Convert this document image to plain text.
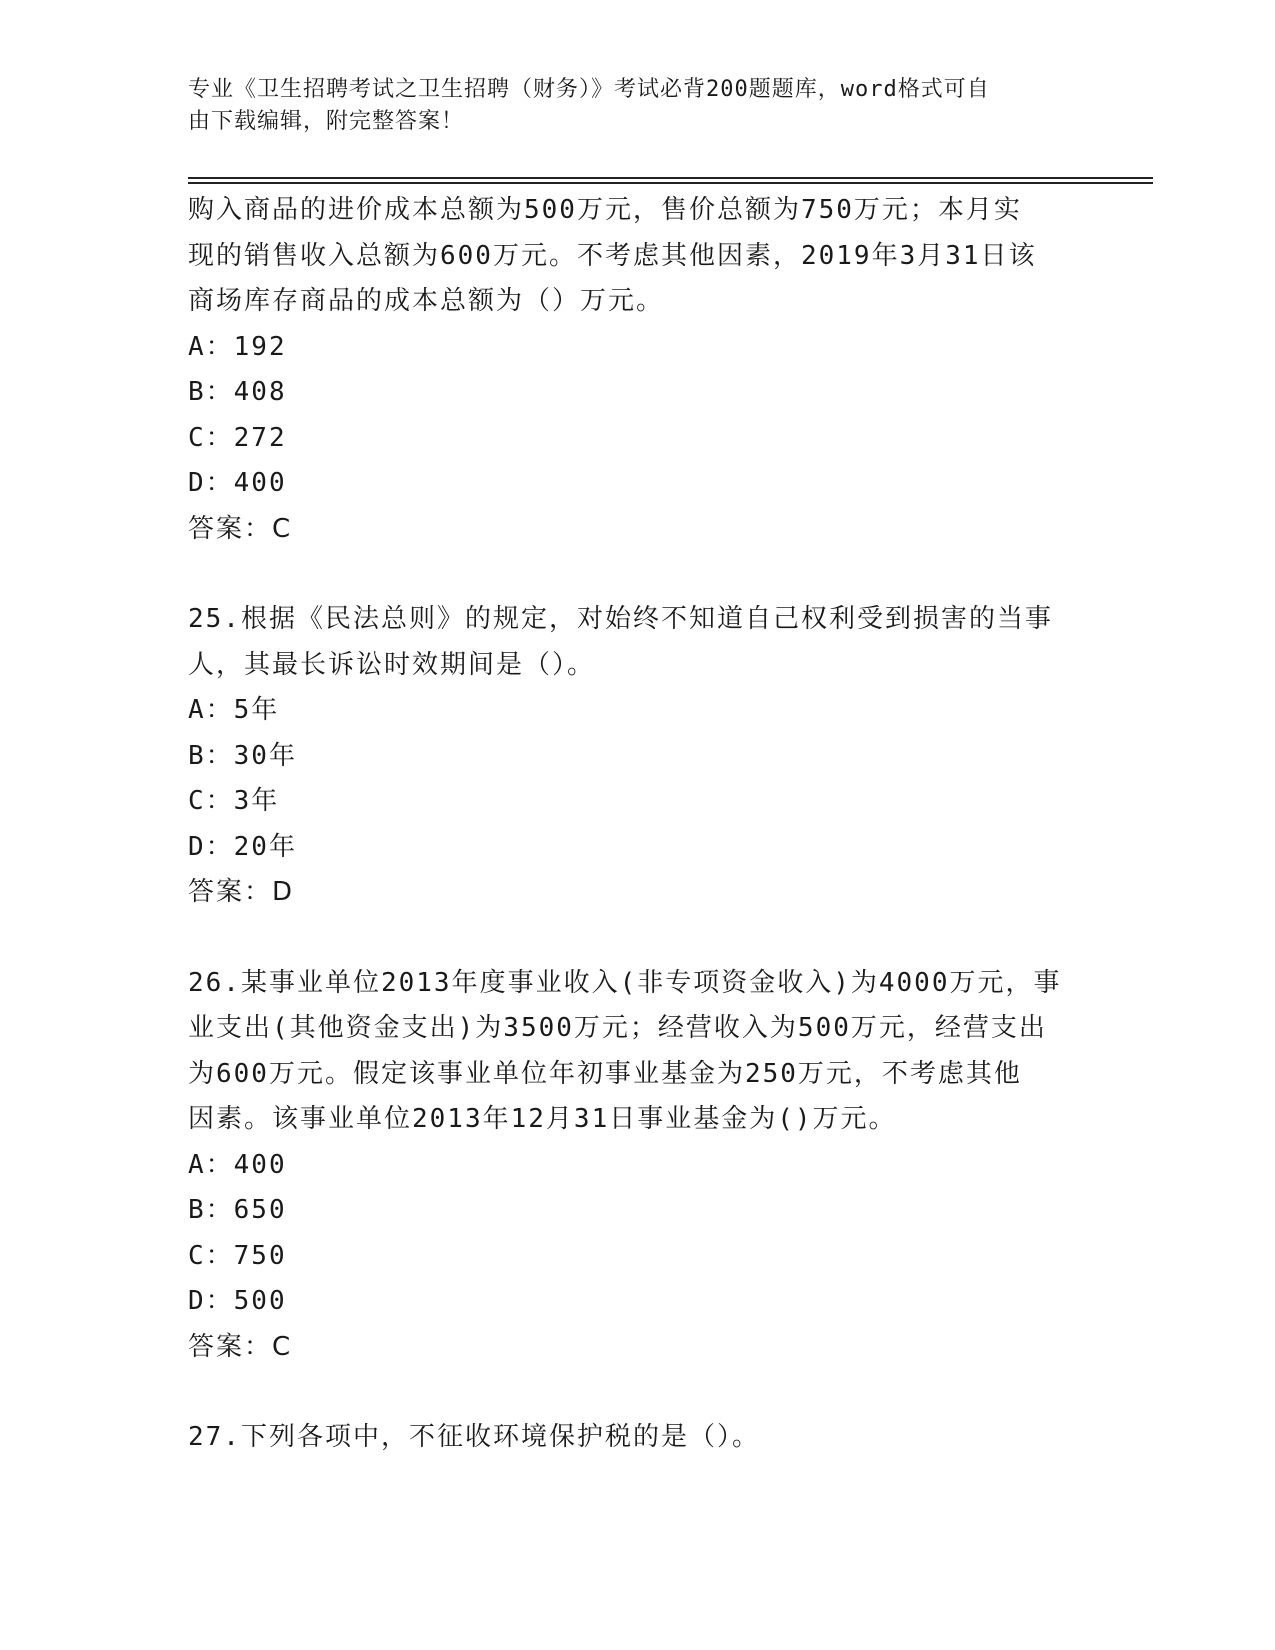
专业《卫生招聘考试之卫生招聘（财务）》考试必背200题题库，word格式可自
由下载编辑，附完整答案！

购入商品的进价成本总额为500万元，售价总额为750万元；本月实

现的销售收入总额为600万元。不考虑其他因素，2019年3月31日该

商场库存商品的成本总额为（）万元。

A：192

B：408

C：272

D：400

答案：C

25.根据《民法总则》的规定，对始终不知道自己权利受到损害的当事

人，其最长诉讼时效期间是（）。

A：5年

B：30年

C：3年

D：20年

答案：D

26.某事业单位2013年度事业收入(非专项资金收入)为4000万元，事

业支出(其他资金支出)为3500万元；经营收入为500万元，经营支出

为600万元。假定该事业单位年初事业基金为250万元，不考虑其他

因素。该事业单位2013年12月31日事业基金为()万元。

A：400

B：650

C：750

D：500

答案：C

27.下列各项中，不征收环境保护税的是（）。
